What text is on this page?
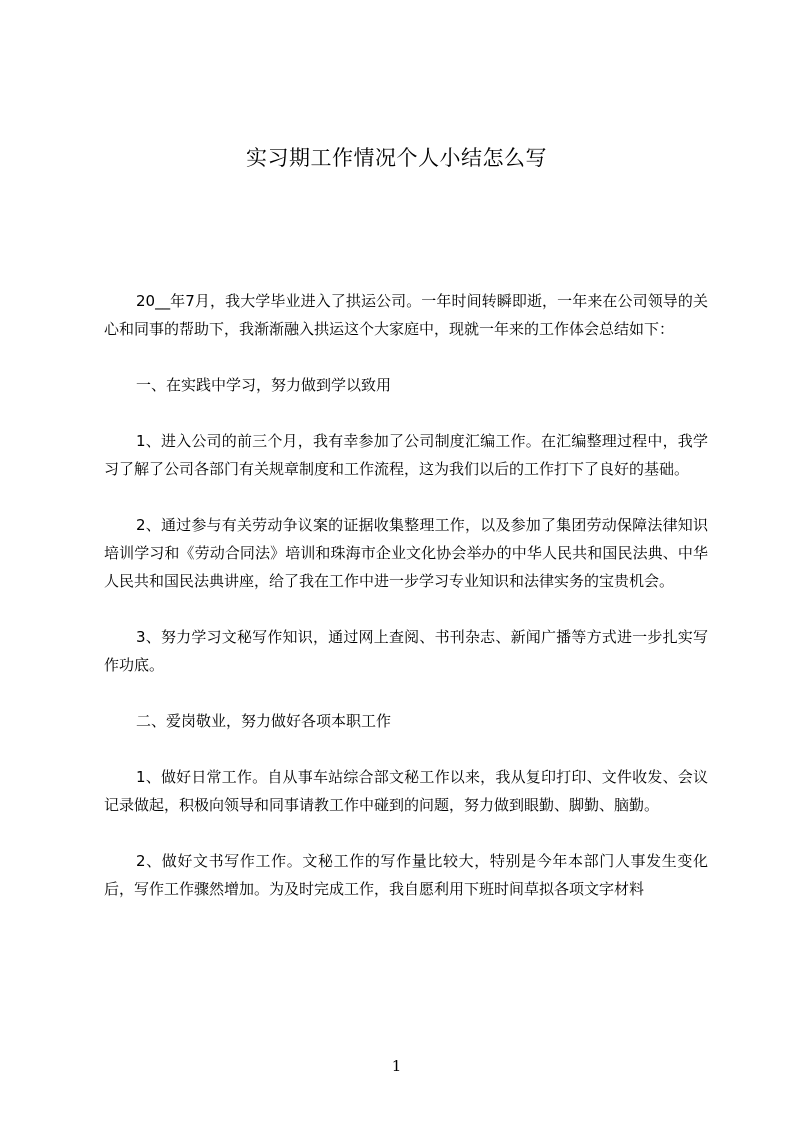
实习期工作情况个人小结怎么写

20__年7月，我大学毕业进入了拱运公司。一年时间转瞬即逝，一年来在公司领导的关心和同事的帮助下，我渐渐融入拱运这个大家庭中，现就一年来的工作体会总结如下：

一、在实践中学习，努力做到学以致用

1、进入公司的前三个月，我有幸参加了公司制度汇编工作。在汇编整理过程中，我学习了解了公司各部门有关规章制度和工作流程，这为我们以后的工作打下了良好的基础。

2、通过参与有关劳动争议案的证据收集整理工作，以及参加了集团劳动保障法律知识培训学习和《劳动合同法》培训和珠海市企业文化协会举办的中华人民共和国民法典、中华人民共和国民法典讲座，给了我在工作中进一步学习专业知识和法律实务的宝贵机会。

3、努力学习文秘写作知识，通过网上查阅、书刊杂志、新闻广播等方式进一步扎实写作功底。

二、爱岗敬业，努力做好各项本职工作

1、做好日常工作。自从事车站综合部文秘工作以来，我从复印打印、文件收发、会议记录做起，积极向领导和同事请教工作中碰到的问题，努力做到眼勤、脚勤、脑勤。

2、做好文书写作工作。文秘工作的写作量比较大，特别是今年本部门人事发生变化后，写作工作骤然增加。为及时完成工作，我自愿利用下班时间草拟各项文字材料

1
